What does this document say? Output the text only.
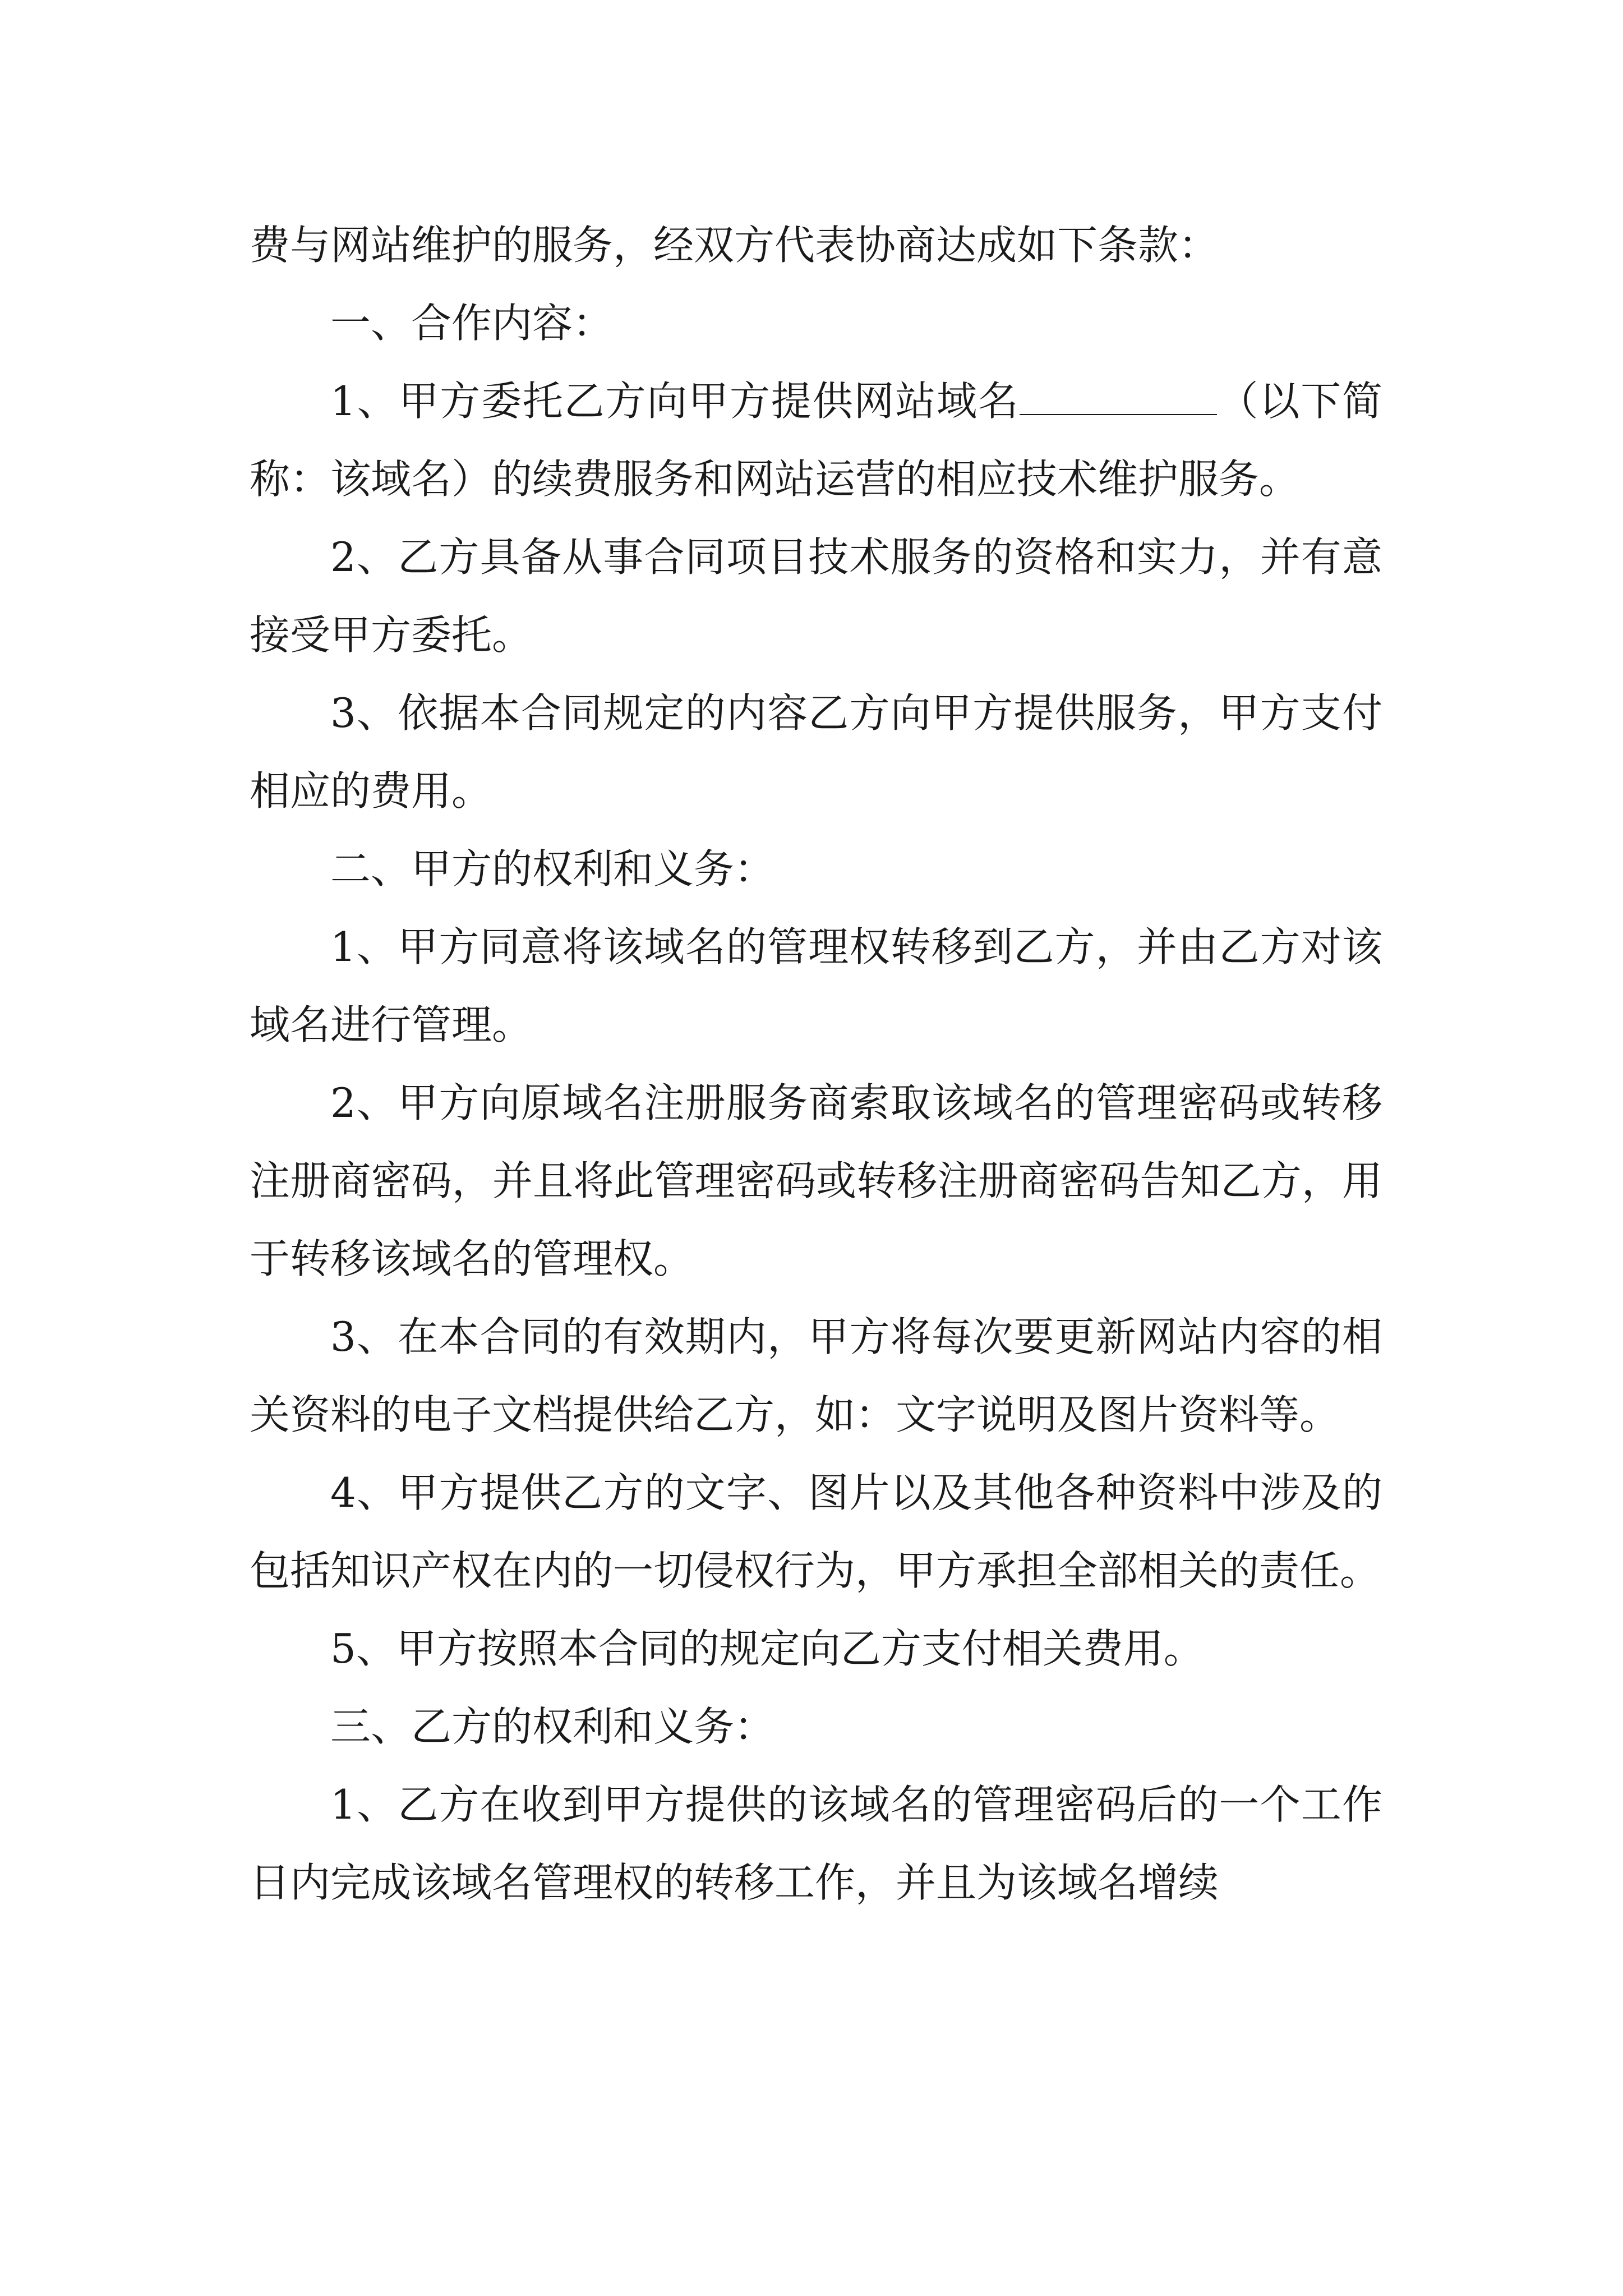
费与网站维护的服务，经双方代表协商达成如下条款：

一、合作内容：

1、甲方委托乙方向甲方提供网站域名	（以下简称：该域名）的续费服务和网站运营的相应技术维护服务。

2、乙方具备从事合同项目技术服务的资格和实力，并有意接受甲方委托。

3、依据本合同规定的内容乙方向甲方提供服务，甲方支付相应的费用。

二、甲方的权利和义务：

1、甲方同意将该域名的管理权转移到乙方，并由乙方对该域名进行管理。

2、甲方向原域名注册服务商索取该域名的管理密码或转移注册商密码，并且将此管理密码或转移注册商密码告知乙方，用于转移该域名的管理权。

3、在本合同的有效期内，甲方将每次要更新网站内容的相关资料的电子文档提供给乙方，如：文字说明及图片资料等。

4、甲方提供乙方的文字、图片以及其他各种资料中涉及的包括知识产权在内的一切侵权行为，甲方承担全部相关的责任。

5、甲方按照本合同的规定向乙方支付相关费用。

三、乙方的权利和义务：

1、乙方在收到甲方提供的该域名的管理密码后的一个工作日内完成该域名管理权的转移工作，并且为该域名增续
